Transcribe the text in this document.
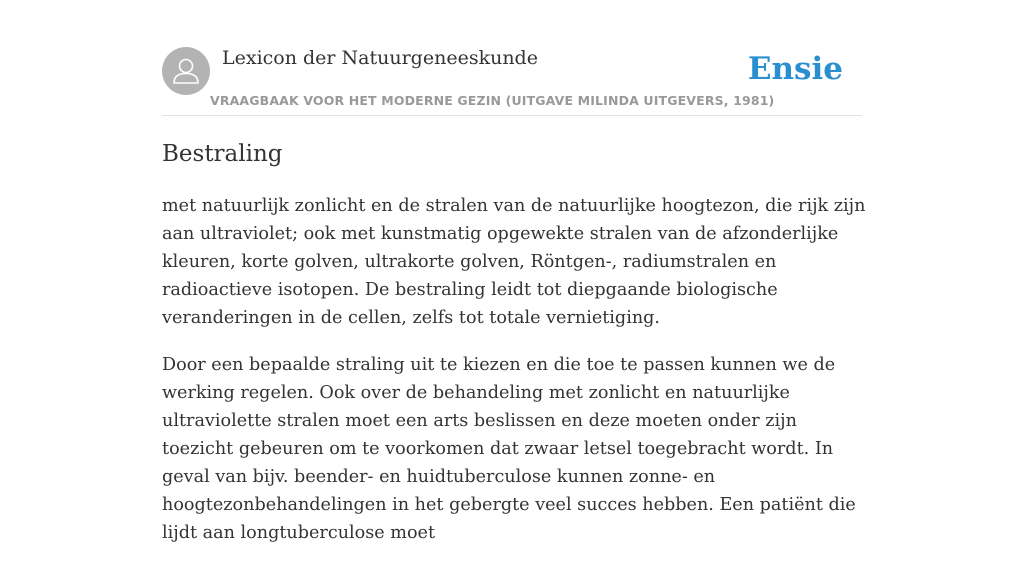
Lexicon der Natuurgeneeskunde
VRAAGBAAK VOOR HET MODERNE GEZIN (UITGAVE MILINDA UITGEVERS, 1981)
Ensie
Bestraling

met natuurlijk zonlicht en de stralen van de natuurlijke hoogtezon, die rijk zijn aan ultraviolet; ook met kunstmatig opgewekte stralen van de afzonderlijke kleuren, korte golven, ultrakorte golven, Röntgen-, radiumstralen en radioactieve isotopen. De bestraling leidt tot diepgaande biologische veranderingen in de cellen, zelfs tot totale vernietiging.

Door een bepaalde straling uit te kiezen en die toe te passen kunnen we de werking regelen. Ook over de behandeling met zonlicht en natuurlijke ultraviolette stralen moet een arts beslissen en deze moeten onder zijn toezicht gebeuren om te voorkomen dat zwaar letsel toegebracht wordt. In geval van bijv. beender- en huidtuberculose kunnen zonne- en hoogtezonbehandelingen in het gebergte veel succes hebben. Een patiënt die lijdt aan longtuberculose moet
